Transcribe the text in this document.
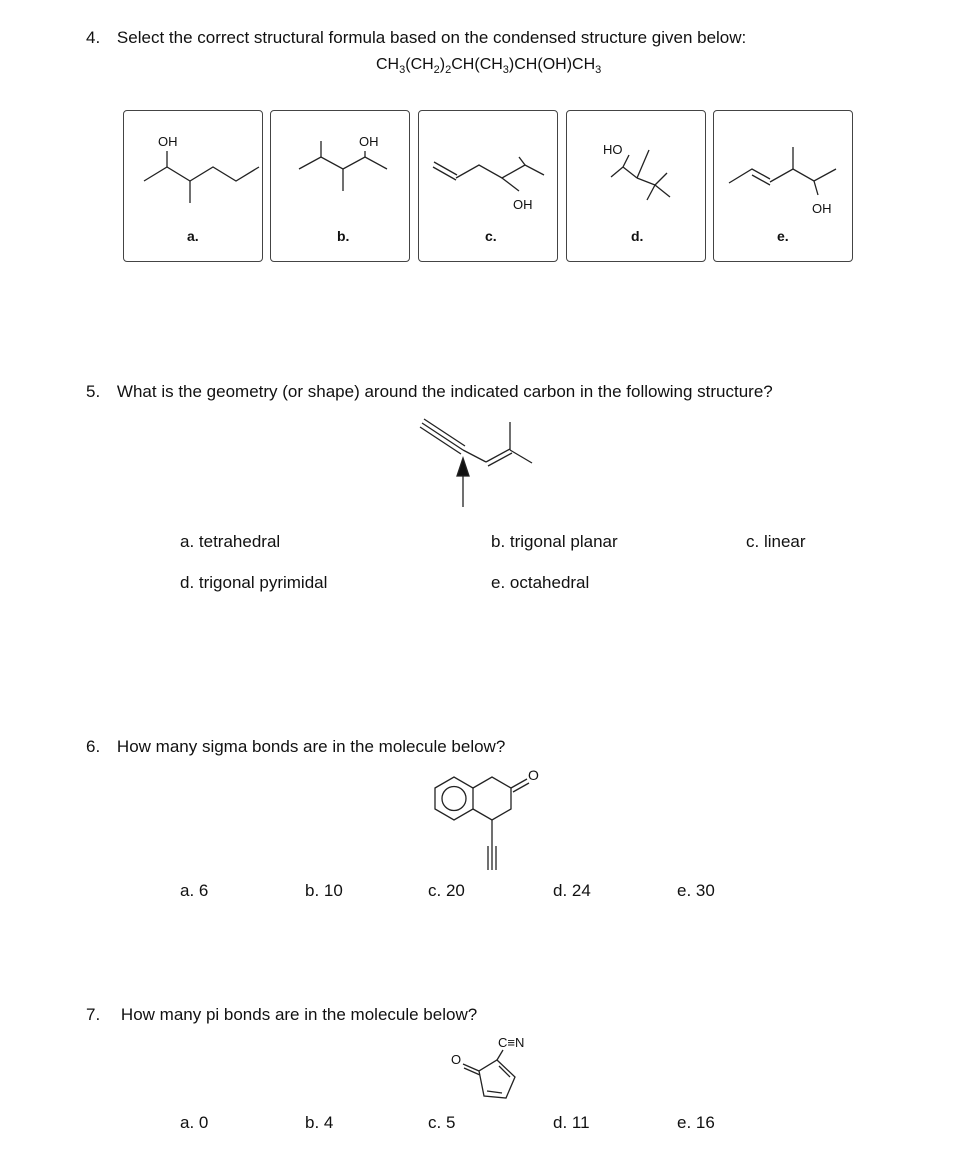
4. Select the correct structural formula based on the condensed structure given below:
$CH_3(CH_2)_2CH(CH_3)CH(OH)CH_3$
OH
a.
OH
b.
OH
c.
HO
d.
OH
e.
5. What is the geometry (or shape) around the indicated carbon in the following structure?
a. tetrahedral	b. trigonal planar	c. linear
d. trigonal pyrimidal	e. octahedral
6. How many sigma bonds are in the molecule below?
O
a. 6	b. 10	c. 20	d. 24	e. 30
7. How many pi bonds are in the molecule below?
O
C≡N
a. 0	b. 4	c. 5	d. 11	e. 16
